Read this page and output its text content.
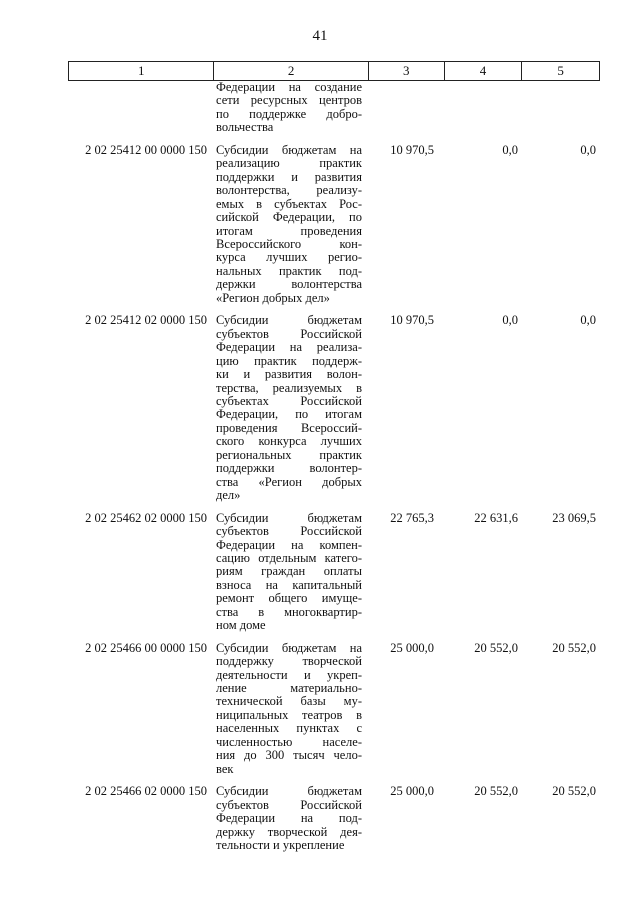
41
1	2	3	4	5
Федерации на создание
сети ресурсных центров
по поддержке добро-
вольчества
2 02 25412 00 0000 150 Субсидии бюджетам на
реализацию практик
поддержки и развития
волонтерства, реализу-
емых в субъектах Рос-
сийской Федерации, по
итогам проведения
Всероссийского кон-
курса лучших регио-
нальных практик под-
держки волонтерства
«Регион добрых дел»
10 970,5	0,0	0,0
2 02 25412 02 0000 150 Субсидии бюджетам
субъектов Российской
Федерации на реализа-
цию практик поддерж-
ки и развития волон-
терства, реализуемых в
субъектах Российской
Федерации, по итогам
проведения Всероссий-
ского конкурса лучших
региональных практик
поддержки волонтер-
ства «Регион добрых
дел»
10 970,5	0,0	0,0
2 02 25462 02 0000 150 Субсидии бюджетам
субъектов Российской
Федерации на компен-
сацию отдельным катего-
риям граждан оплаты
взноса на капитальный
ремонт общего имуще-
ства в многоквартир-
ном доме
22 765,3	22 631,6	23 069,5
2 02 25466 00 0000 150 Субсидии бюджетам на
поддержку творческой
деятельности и укреп-
ление материально-
технической базы му-
ниципальных театров в
населенных пунктах с
численностью населе-
ния до 300 тысяч чело-
век
25 000,0	20 552,0	20 552,0
2 02 25466 02 0000 150 Субсидии бюджетам
субъектов Российской
Федерации на под-
держку творческой дея-
тельности и укрепление
25 000,0	20 552,0	20 552,0
